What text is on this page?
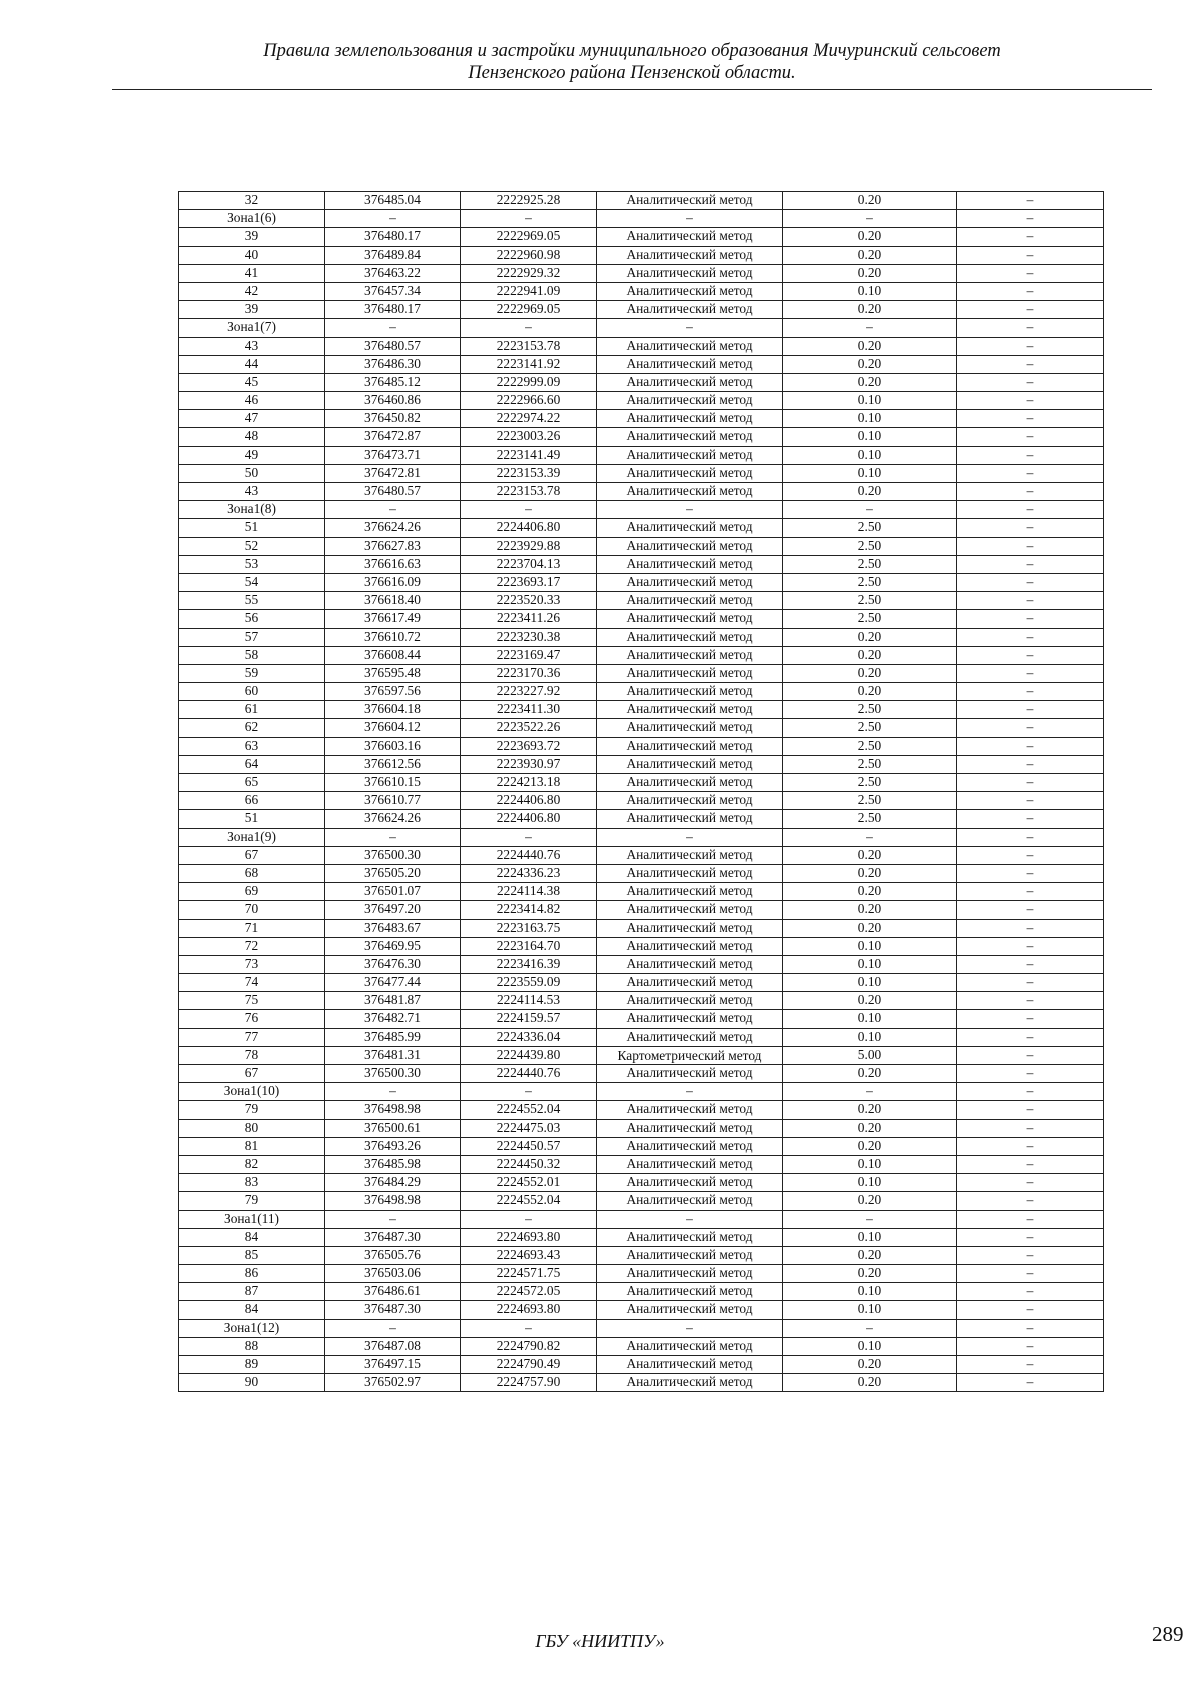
Правила землепользования и застройки муниципального образования Мичуринский сельсовет
Пензенского района Пензенской области.
32	376485.04	2222925.28	Аналитический метод	0.20	–
Зона1(6)	–	–	–	–	–
39	376480.17	2222969.05	Аналитический метод	0.20	–
40	376489.84	2222960.98	Аналитический метод	0.20	–
41	376463.22	2222929.32	Аналитический метод	0.20	–
42	376457.34	2222941.09	Аналитический метод	0.10	–
39	376480.17	2222969.05	Аналитический метод	0.20	–
Зона1(7)	–	–	–	–	–
43	376480.57	2223153.78	Аналитический метод	0.20	–
44	376486.30	2223141.92	Аналитический метод	0.20	–
45	376485.12	2222999.09	Аналитический метод	0.20	–
46	376460.86	2222966.60	Аналитический метод	0.10	–
47	376450.82	2222974.22	Аналитический метод	0.10	–
48	376472.87	2223003.26	Аналитический метод	0.10	–
49	376473.71	2223141.49	Аналитический метод	0.10	–
50	376472.81	2223153.39	Аналитический метод	0.10	–
43	376480.57	2223153.78	Аналитический метод	0.20	–
Зона1(8)	–	–	–	–	–
51	376624.26	2224406.80	Аналитический метод	2.50	–
52	376627.83	2223929.88	Аналитический метод	2.50	–
53	376616.63	2223704.13	Аналитический метод	2.50	–
54	376616.09	2223693.17	Аналитический метод	2.50	–
55	376618.40	2223520.33	Аналитический метод	2.50	–
56	376617.49	2223411.26	Аналитический метод	2.50	–
57	376610.72	2223230.38	Аналитический метод	0.20	–
58	376608.44	2223169.47	Аналитический метод	0.20	–
59	376595.48	2223170.36	Аналитический метод	0.20	–
60	376597.56	2223227.92	Аналитический метод	0.20	–
61	376604.18	2223411.30	Аналитический метод	2.50	–
62	376604.12	2223522.26	Аналитический метод	2.50	–
63	376603.16	2223693.72	Аналитический метод	2.50	–
64	376612.56	2223930.97	Аналитический метод	2.50	–
65	376610.15	2224213.18	Аналитический метод	2.50	–
66	376610.77	2224406.80	Аналитический метод	2.50	–
51	376624.26	2224406.80	Аналитический метод	2.50	–
Зона1(9)	–	–	–	–	–
67	376500.30	2224440.76	Аналитический метод	0.20	–
68	376505.20	2224336.23	Аналитический метод	0.20	–
69	376501.07	2224114.38	Аналитический метод	0.20	–
70	376497.20	2223414.82	Аналитический метод	0.20	–
71	376483.67	2223163.75	Аналитический метод	0.20	–
72	376469.95	2223164.70	Аналитический метод	0.10	–
73	376476.30	2223416.39	Аналитический метод	0.10	–
74	376477.44	2223559.09	Аналитический метод	0.10	–
75	376481.87	2224114.53	Аналитический метод	0.20	–
76	376482.71	2224159.57	Аналитический метод	0.10	–
77	376485.99	2224336.04	Аналитический метод	0.10	–
78	376481.31	2224439.80	Картометрический метод	5.00	–
67	376500.30	2224440.76	Аналитический метод	0.20	–
Зона1(10)	–	–	–	–	–
79	376498.98	2224552.04	Аналитический метод	0.20	–
80	376500.61	2224475.03	Аналитический метод	0.20	–
81	376493.26	2224450.57	Аналитический метод	0.20	–
82	376485.98	2224450.32	Аналитический метод	0.10	–
83	376484.29	2224552.01	Аналитический метод	0.10	–
79	376498.98	2224552.04	Аналитический метод	0.20	–
Зона1(11)	–	–	–	–	–
84	376487.30	2224693.80	Аналитический метод	0.10	–
85	376505.76	2224693.43	Аналитический метод	0.20	–
86	376503.06	2224571.75	Аналитический метод	0.20	–
87	376486.61	2224572.05	Аналитический метод	0.10	–
84	376487.30	2224693.80	Аналитический метод	0.10	–
Зона1(12)	–	–	–	–	–
88	376487.08	2224790.82	Аналитический метод	0.10	–
89	376497.15	2224790.49	Аналитический метод	0.20	–
90	376502.97	2224757.90	Аналитический метод	0.20	–
ГБУ «НИИТПУ»	289
